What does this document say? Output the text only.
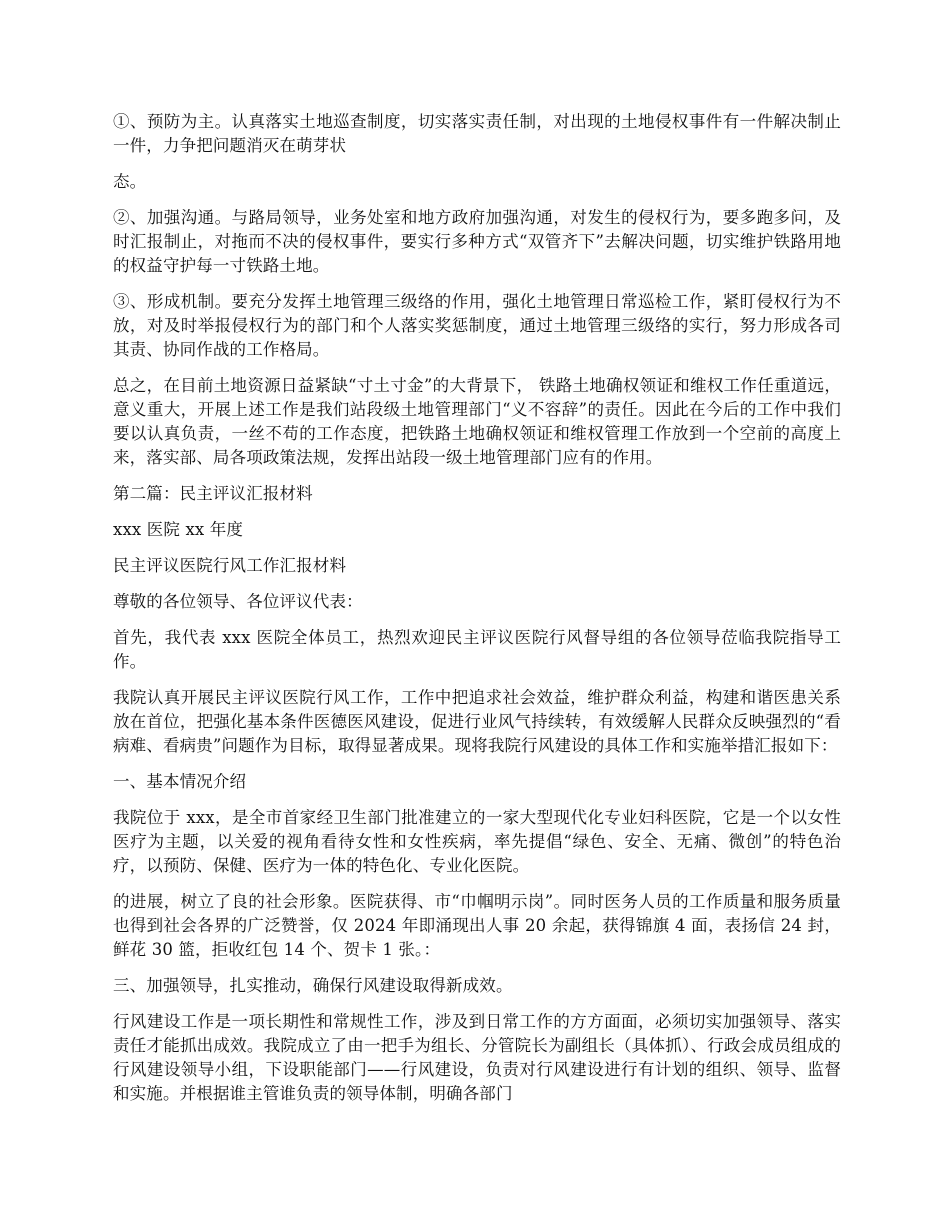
①、预防为主。认真落实土地巡查制度，切实落实责任制，对出现的土地侵权事件有一件解决制止一件，力争把问题消灭在萌芽状

态。

②、加强沟通。与路局领导，业务处室和地方政府加强沟通，对发生的侵权行为，要多跑多问，及时汇报制止，对拖而不决的侵权事件，要实行多种方式“双管齐下”去解决问题，切实维护铁路用地的权益守护每一寸铁路土地。

③、形成机制。要充分发挥土地管理三级络的作用，强化土地管理日常巡检工作，紧盯侵权行为不放，对及时举报侵权行为的部门和个人落实奖惩制度，通过土地管理三级络的实行，努力形成各司其责、协同作战的工作格局。

总之，在目前土地资源日益紧缺“寸土寸金”的大背景下， 铁路土地确权领证和维权工作任重道远，意义重大，开展上述工作是我们站段级土地管理部门“义不容辞”的责任。因此在今后的工作中我们要以认真负责，一丝不苟的工作态度，把铁路土地确权领证和维权管理工作放到一个空前的高度上来，落实部、局各项政策法规，发挥出站段一级土地管理部门应有的作用。

第二篇：民主评议汇报材料

xxx 医院 xx 年度

民主评议医院行风工作汇报材料

尊敬的各位领导、各位评议代表：

首先，我代表 xxx 医院全体员工，热烈欢迎民主评议医院行风督导组的各位领导莅临我院指导工作。

我院认真开展民主评议医院行风工作，工作中把追求社会效益，维护群众利益，构建和谐医患关系放在首位，把强化基本条件医德医风建设，促进行业风气持续转，有效缓解人民群众反映强烈的“看病难、看病贵”问题作为目标，取得显著成果。现将我院行风建设的具体工作和实施举措汇报如下：

一、基本情况介绍

我院位于 xxx，是全市首家经卫生部门批准建立的一家大型现代化专业妇科医院，它是一个以女性医疗为主题，以关爱的视角看待女性和女性疾病，率先提倡“绿色、安全、无痛、微创”的特色治疗，以预防、保健、医疗为一体的特色化、专业化医院。

的进展，树立了良的社会形象。医院获得、市“巾帼明示岗”。同时医务人员的工作质量和服务质量也得到社会各界的广泛赞誉，仅 2024 年即涌现出人事 20 余起，获得锦旗 4 面，表扬信 24 封，鲜花 30 篮，拒收红包 14 个、贺卡 1 张。：

三、加强领导，扎实推动，确保行风建设取得新成效。

行风建设工作是一项长期性和常规性工作，涉及到日常工作的方方面面，必须切实加强领导、落实责任才能抓出成效。我院成立了由一把手为组长、分管院长为副组长（具体抓）、行政会成员组成的行风建设领导小组，下设职能部门——行风建设，负责对行风建设进行有计划的组织、领导、监督和实施。并根据谁主管谁负责的领导体制，明确各部门
